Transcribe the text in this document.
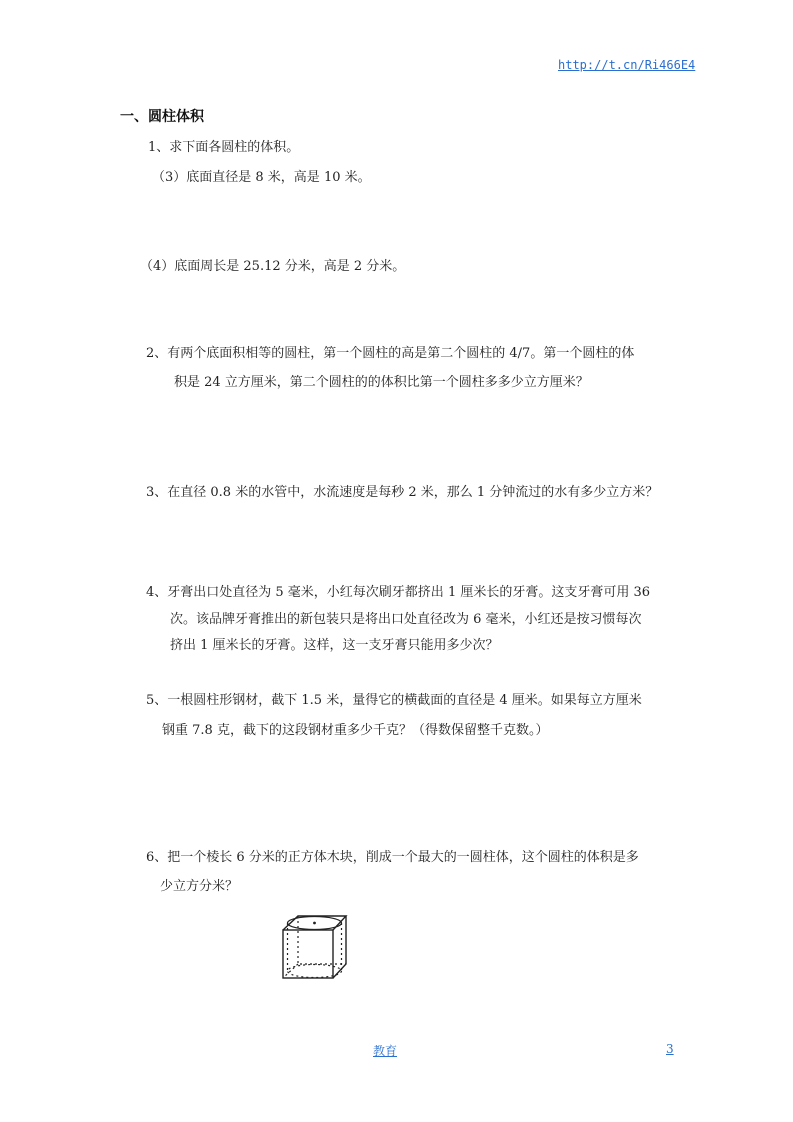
http://t.cn/Ri466E4
一、圆柱体积
1、求下面各圆柱的体积。
（3）底面直径是 8 米，高是 10 米。
（4）底面周长是 25.12 分米，高是 2 分米。
2、有两个底面积相等的圆柱，第一个圆柱的高是第二个圆柱的 4/7。第一个圆柱的体
积是 24 立方厘米，第二个圆柱的的体积比第一个圆柱多多少立方厘米？
3、在直径 0.8 米的水管中，水流速度是每秒 2 米，那么 1 分钟流过的水有多少立方米？
4、牙膏出口处直径为 5 毫米，小红每次刷牙都挤出 1 厘米长的牙膏。这支牙膏可用 36
次。该品牌牙膏推出的新包装只是将出口处直径改为 6 毫米，小红还是按习惯每次
挤出 1 厘米长的牙膏。这样，这一支牙膏只能用多少次？
5、一根圆柱形钢材，截下 1.5 米，量得它的横截面的直径是 4 厘米。如果每立方厘米
钢重 7.8 克，截下的这段钢材重多少千克？（得数保留整千克数。）
6、把一个棱长 6 分米的正方体木块，削成一个最大的一圆柱体，这个圆柱的体积是多
少立方分米？
教育	3
